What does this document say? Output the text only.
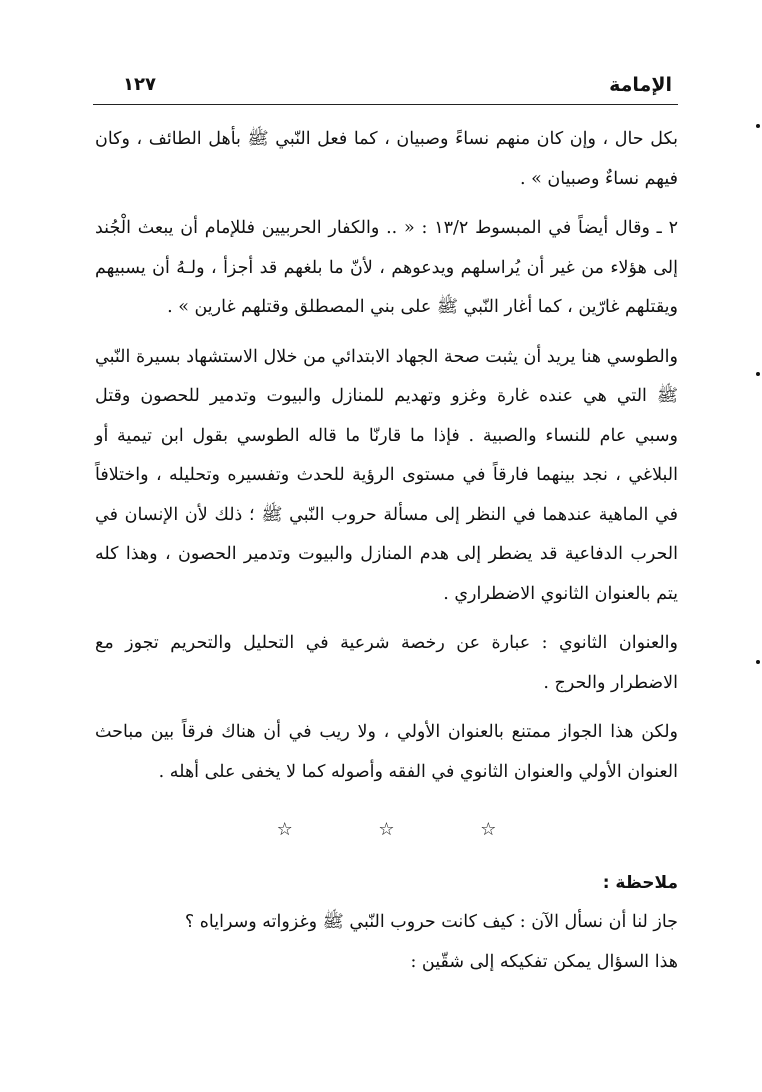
الإمامة
١٢٧

بكل حال ، وإن كان منهم نساءً وصبيان ، كما فعل النّبي ﷺ بأهل الطائف ، وكان فيهم نساءٌ وصبيان » .

٢ ـ وقال أيضاً في المبسوط ١٣/٢ : « .. والكفار الحربيين فللإمام أن يبعث الْجُند إلى هؤلاء من غير أن يُراسلهم ويدعوهم ، لأنّ ما بلغهم قد أجزأ ، ولـهُ أن يسبيهم ويقتلهم غارّين ، كما أغار النّبي ﷺ على بني المصطلق وقتلهم غارين » .

والطوسي هنا يريد أن يثبت صحة الجهاد الابتدائي من خلال الاستشهاد بسيرة النّبي ﷺ التي هي عنده غارة وغزو وتهديم للمنازل والبيوت وتدمير للحصون وقتل وسبي عام للنساء والصبية . فإذا ما قارنّا ما قاله الطوسي بقول ابن تيمية أو البلاغي ، نجد بينهما فارقاً في مستوى الرؤية للحدث وتفسيره وتحليله ، واختلافاً في الماهية عندهما في النظر إلى مسألة حروب النّبي ﷺ ؛ ذلك لأن الإنسان في الحرب الدفاعية قد يضطر إلى هدم المنازل والبيوت وتدمير الحصون ، وهذا كله يتم بالعنوان الثانوي الاضطراري .

والعنوان الثانوي : عبارة عن رخصة شرعية في التحليل والتحريم تجوز مع الاضطرار والحرج .

ولكن هذا الجواز ممتنع بالعنوان الأولي ، ولا ريب في أن هناك فرقاً بين مباحث العنوان الأولي والعنوان الثانوي في الفقه وأصوله كما لا يخفى على أهله .

☆ ☆ ☆

ملاحظة :

جاز لنا أن نسأل الآن : كيف كانت حروب النّبي ﷺ وغزواته وسراياه ؟

هذا السؤال يمكن تفكيكه إلى شقّين :
